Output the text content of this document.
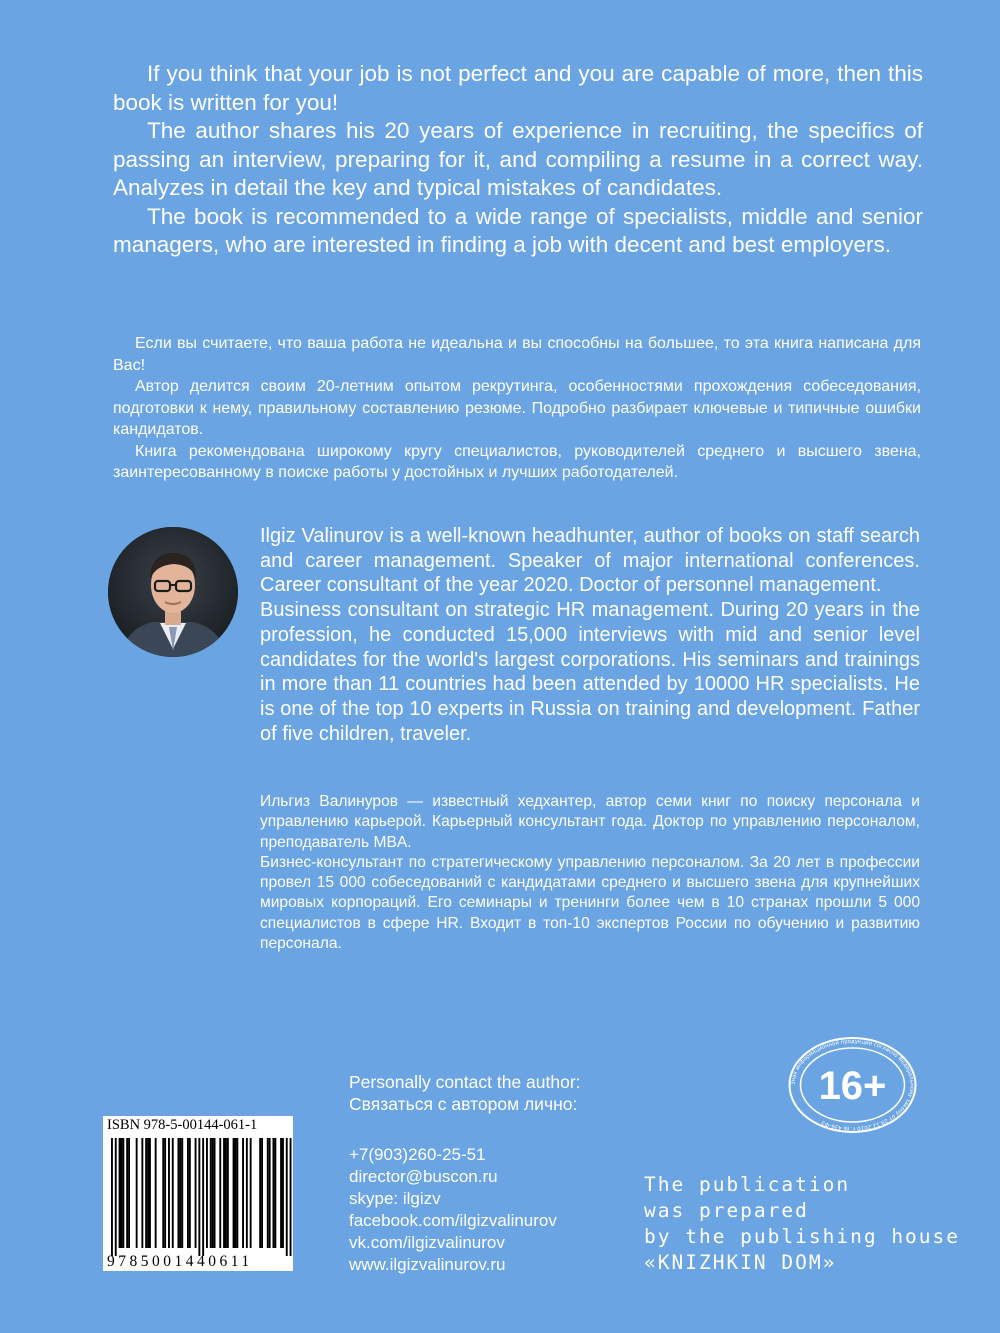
If you think that your job is not perfect and you are capable of more, then this book is written for you!

The author shares his 20 years of experience in recruiting, the specifics of passing an interview, preparing for it, and compiling a resume in a correct way. Analyzes in detail the key and typical mistakes of candidates.

The book is recommended to a wide range of specialists, middle and senior managers, who are interested in finding a job with decent and best employers.

Если вы считаете, что ваша работа не идеальна и вы способны на большее, то эта книга написана для Вас!

Автор делится своим 20-летним опытом рекрутинга, особенностями прохождения собеседования, подготовки к нему, правильному составлению резюме. Подробно разбирает ключевые и типичные ошибки кандидатов.

Книга рекомендована широкому кругу специалистов, руководителей среднего и высшего звена, заинтересованному в поиске работы у достойных и лучших работодателей.

Ilgiz Valinurov is a well-known headhunter, author of books on staff search and career management. Speaker of major international conferences. Career consultant of the year 2020. Doctor of personnel management.

Business consultant on strategic HR management. During 20 years in the profession, he conducted 15,000 interviews with mid and senior level candidates for the world's largest corporations. His seminars and trainings in more than 11 countries had been attended by 10000 HR specialists. He is one of the top 10 experts in Russia on training and development. Father of five children, traveler.

Ильгиз Валинуров — известный хедхантер, автор семи книг по поиску персонала и управлению карьерой. Карьерный консультант года. Доктор по управлению персоналом, преподаватель MBA.

Бизнес-консультант по стратегическому управлению персоналом. За 20 лет в профессии провел 15 000 собеседований с кандидатами среднего и высшего звена для крупнейших мировых корпораций. Его семинары и тренинги более чем в 10 странах прошли 5 000 специалистов в сфере HR. Входит в топ-10 экспертов России по обучению и развитию персонала.

Personally contact the author:

Связаться с автором лично:

+7(903)260-25-51
director@buscon.ru
skype: ilgizv
facebook.com/ilgizvalinurov
vk.com/ilgizvalinurov
www.ilgizvalinurov.ru
ISBN 978-5-00144-061-1
9785001440611
Знак информационной продукции согласно Федеральному закону от 29.12.2010 г. № 436-ФЗ
16+
The publication
was prepared
by the publishing house
«KNIZHKIN DOM»
